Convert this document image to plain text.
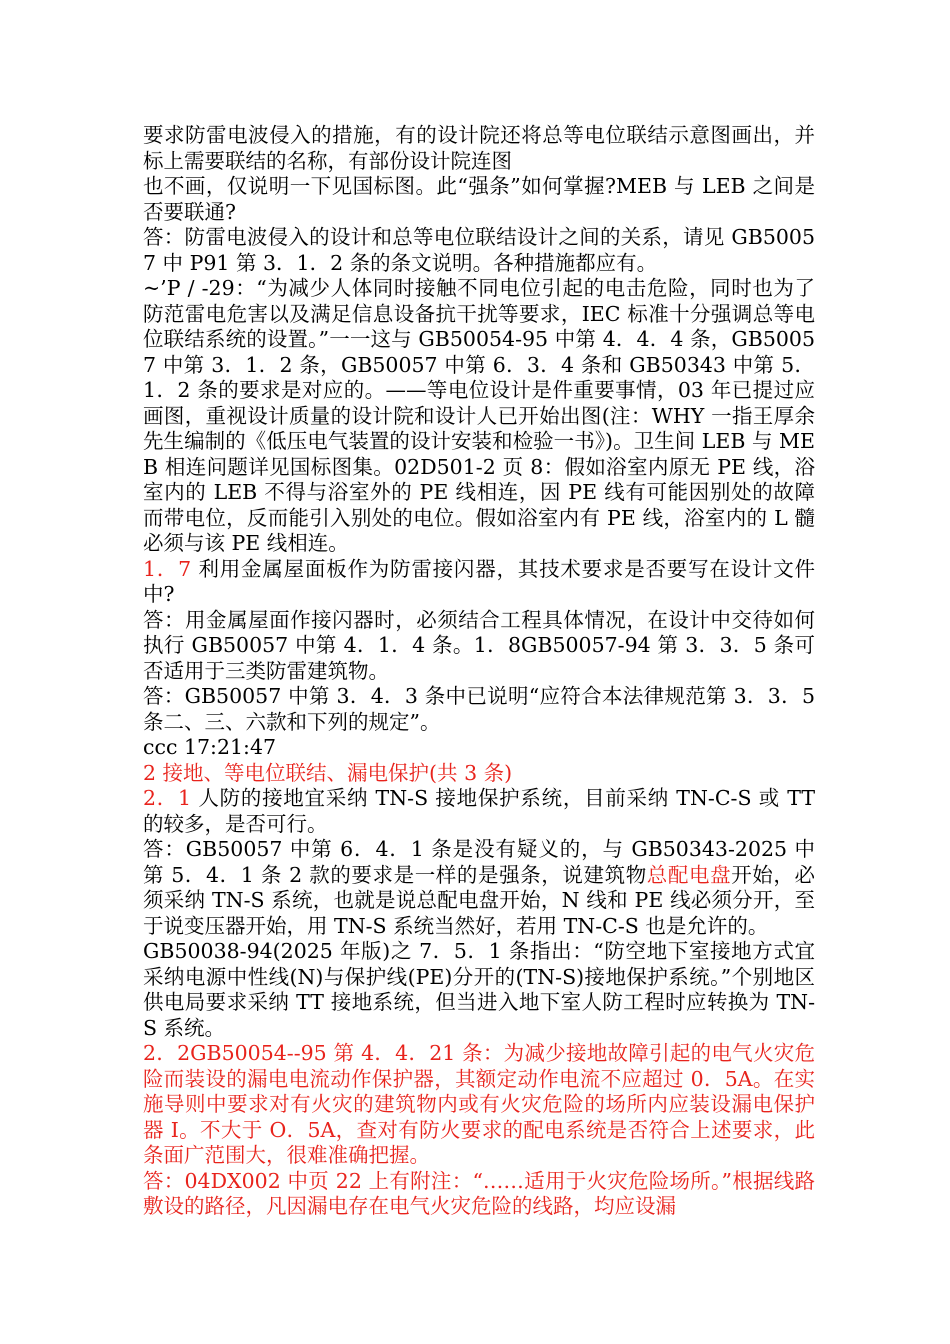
要求防雷电波侵入的措施，有的设计院还将总等电位联结示意图画出，并标上需要联结的名称，有部份设计院连图

也不画，仅说明一下见国标图。此“强条”如何掌握?MEB 与 LEB 之间是否要联通?

答：防雷电波侵入的设计和总等电位联结设计之间的关系，请见 GB50057 中 P91 第 3．1．2 条的条文说明。各种措施都应有。

~’P / -29：“为减少人体同时接触不同电位引起的电击危险，同时也为了防范雷电危害以及满足信息设备抗干扰等要求，IEC 标准十分强调总等电位联结系统的设置。”一一这与 GB50054-95 中第 4．4．4 条，GB50057 中第 3．1．2 条，GB50057 中第 6．3．4 条和 GB50343 中第 5．1．2 条的要求是对应的。——等电位设计是件重要事情，03 年已提过应画图，重视设计质量的设计院和设计人已开始出图(注：WHY 一指王厚余先生编制的《低压电气装置的设计安装和检验一书》)。卫生间 LEB 与 MEB 相连问题详见国标图集。02D501-2 页 8：假如浴室内原无 PE 线，浴室内的 LEB 不得与浴室外的 PE 线相连，因 PE 线有可能因别处的故障而带电位，反而能引入别处的电位。假如浴室内有 PE 线，浴室内的 L 髓必须与该 PE 线相连。

1．7 利用金属屋面板作为防雷接闪器，其技术要求是否要写在设计文件中?

答：用金属屋面作接闪器时，必须结合工程具体情况，在设计中交待如何执行 GB50057 中第 4．1．4 条。1．8GB50057-94 第 3．3．5 条可否适用于三类防雷建筑物。

答：GB50057 中第 3．4．3 条中已说明“应符合本法律规范第 3．3．5 条二、三、六款和下列的规定”。

ccc 17:21:47

2 接地、等电位联结、漏电保护(共 3 条)

2．1 人防的接地宜采纳 TN-S 接地保护系统，目前采纳 TN-C-S 或 TT 的较多，是否可行。

答：GB50057 中第 6．4．1 条是没有疑义的，与 GB50343-2025 中第 5．4．1 条 2 款的要求是一样的是强条，说建筑物总配电盘开始，必须采纳 TN-S 系统，也就是说总配电盘开始，N 线和 PE 线必须分开，至于说变压器开始，用 TN-S 系统当然好，若用 TN-C-S 也是允许的。

GB50038-94(2025 年版)之 7．5．1 条指出：“防空地下室接地方式宜采纳电源中性线(N)与保护线(PE)分开的(TN-S)接地保护系统。”个别地区供电局要求采纳 TT 接地系统，但当进入地下室人防工程时应转换为 TN-S 系统。

2．2GB50054--95 第 4．4．21 条：为减少接地故障引起的电气火灾危险而装设的漏电电流动作保护器，其额定动作电流不应超过 0．5A。在实施导则中要求对有火灾的建筑物内或有火灾危险的场所内应装设漏电保护器 I。不大于 O．5A，查对有防火要求的配电系统是否符合上述要求，此条面广范围大，很难准确把握。

答：04DX002 中页 22 上有附注：“……适用于火灾危险场所。”根据线路敷设的路径，凡因漏电存在电气火灾危险的线路，均应设漏
